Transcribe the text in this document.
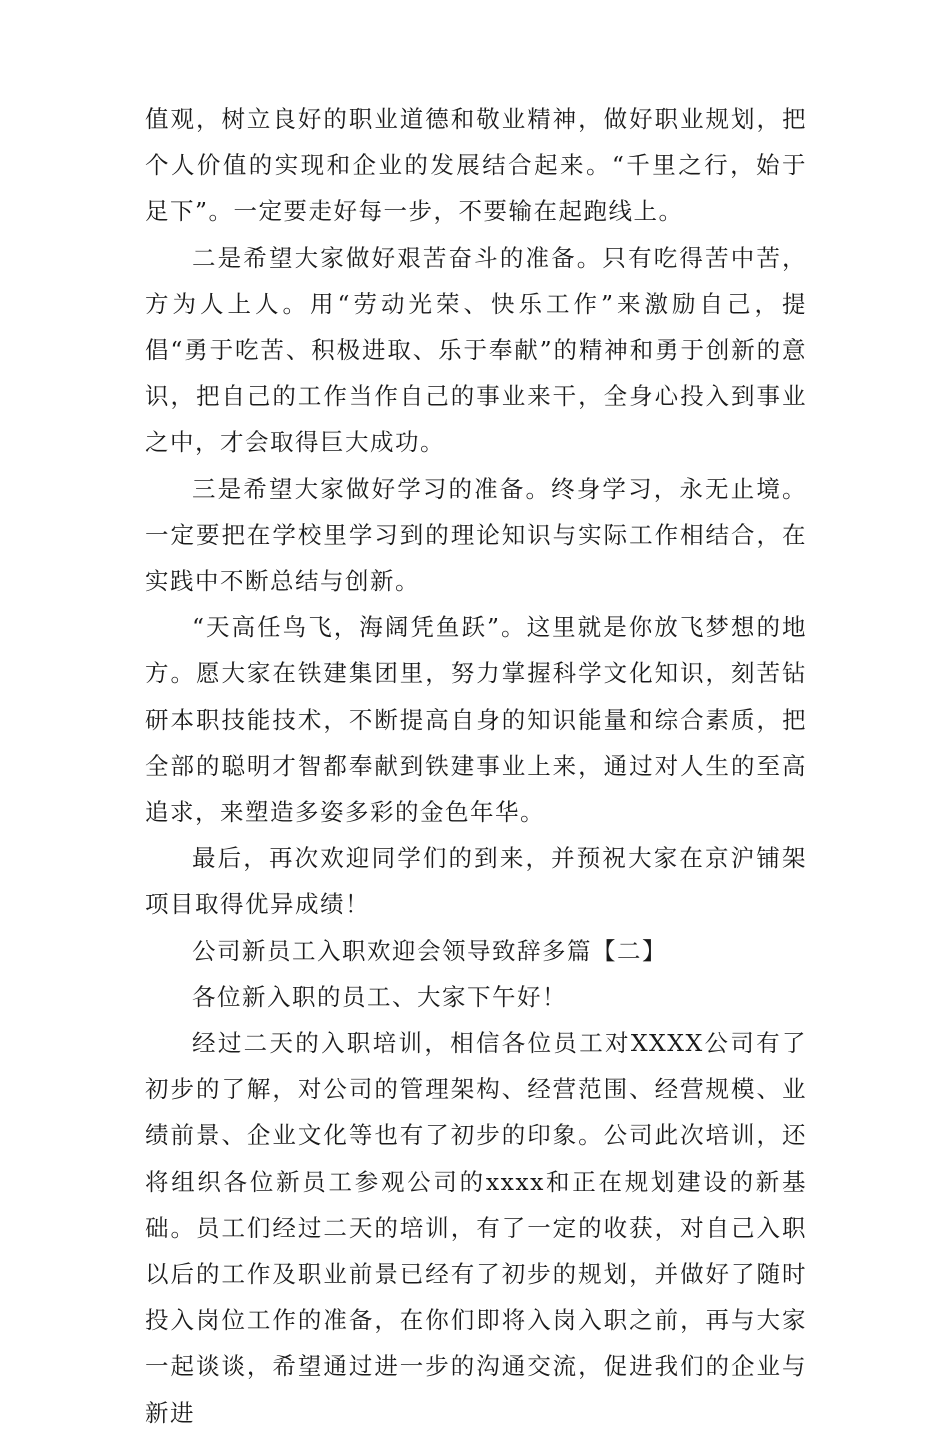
值观，树立良好的职业道德和敬业精神，做好职业规划，把个人价值的实现和企业的发展结合起来。“千里之行，始于足下”。一定要走好每一步，不要输在起跑线上。

二是希望大家做好艰苦奋斗的准备。只有吃得苦中苦，方为人上人。用“劳动光荣、快乐工作”来激励自己，提倡“勇于吃苦、积极进取、乐于奉献”的精神和勇于创新的意识，把自己的工作当作自己的事业来干，全身心投入到事业之中，才会取得巨大成功。

三是希望大家做好学习的准备。终身学习，永无止境。一定要把在学校里学习到的理论知识与实际工作相结合，在实践中不断总结与创新。

“天高任鸟飞，海阔凭鱼跃”。这里就是你放飞梦想的地方。愿大家在铁建集团里，努力掌握科学文化知识，刻苦钻研本职技能技术，不断提高自身的知识能量和综合素质，把全部的聪明才智都奉献到铁建事业上来，通过对人生的至高追求，来塑造多姿多彩的金色年华。

最后，再次欢迎同学们的到来，并预祝大家在京沪铺架项目取得优异成绩！

公司新员工入职欢迎会领导致辞多篇【二】

各位新入职的员工、大家下午好！

经过二天的入职培训，相信各位员工对XXXX公司有了初步的了解，对公司的管理架构、经营范围、经营规模、业绩前景、企业文化等也有了初步的印象。公司此次培训，还将组织各位新员工参观公司的xxxx和正在规划建设的新基础。员工们经过二天的培训，有了一定的收获，对自己入职以后的工作及职业前景已经有了初步的规划，并做好了随时投入岗位工作的准备，在你们即将入岗入职之前，再与大家一起谈谈，希望通过进一步的沟通交流，促进我们的企业与新进
